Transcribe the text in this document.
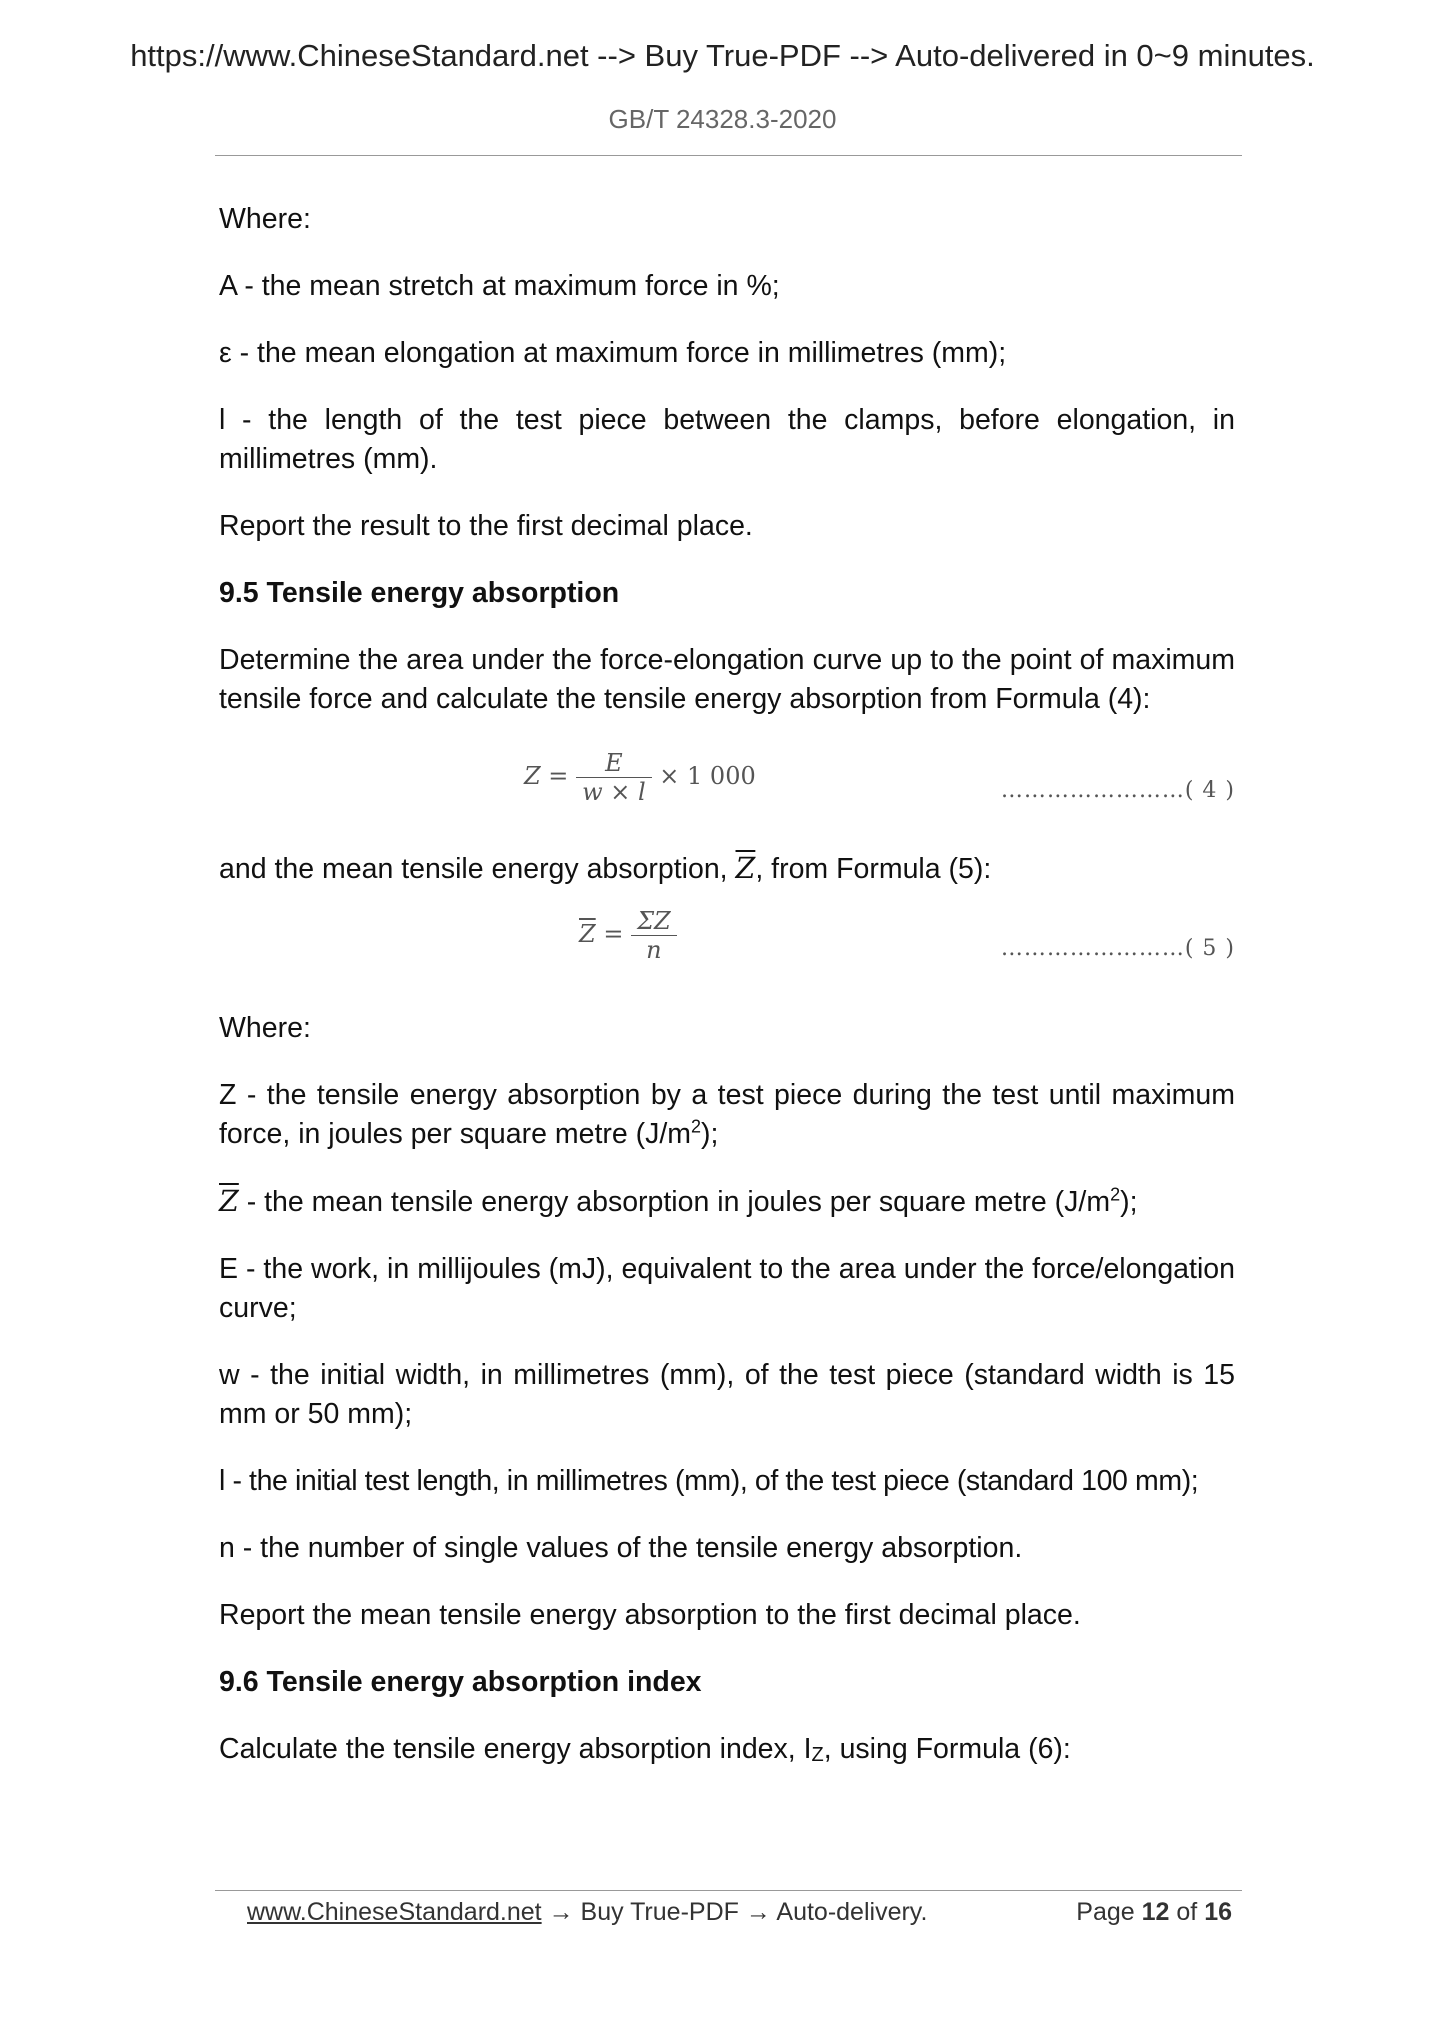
https://www.ChineseStandard.net --> Buy True-PDF --> Auto-delivered in 0~9 minutes.
GB/T 24328.3-2020

Where:

A - the mean stretch at maximum force in %;

ε - the mean elongation at maximum force in millimetres (mm);

l - the length of the test piece between the clamps, before elongation, in millimetres (mm).

Report the result to the first decimal place.

9.5 Tensile energy absorption

Determine the area under the force-elongation curve up to the point of maximum tensile force and calculate the tensile energy absorption from Formula (4):

$Z = \frac{E}{w \times l} \times 1$ 000
……………………( 4 )

and the mean tensile energy absorption, $\overline{Z}$, from Formula (5):

$\overline{Z} = \frac{\Sigma Z}{n}$	……………………( 5 )

Where:

Z - the tensile energy absorption by a test piece during the test until maximum force, in joules per square metre $(J/m^2)$;

$\overline{Z}$ - the mean tensile energy absorption in joules per square metre $(J/m^2)$;

E - the work, in millijoules (mJ), equivalent to the area under the force/elongation curve;

w - the initial width, in millimetres (mm), of the test piece (standard width is 15 mm or 50 mm);

l - the initial test length, in millimetres (mm), of the test piece (standard 100 mm);

n - the number of single values of the tensile energy absorption.

Report the mean tensile energy absorption to the first decimal place.

9.6 Tensile energy absorption index

Calculate the tensile energy absorption index, $I_Z$, using Formula (6):

www.ChineseStandard.net → Buy True-PDF → Auto-delivery.	Page 12 of 16
